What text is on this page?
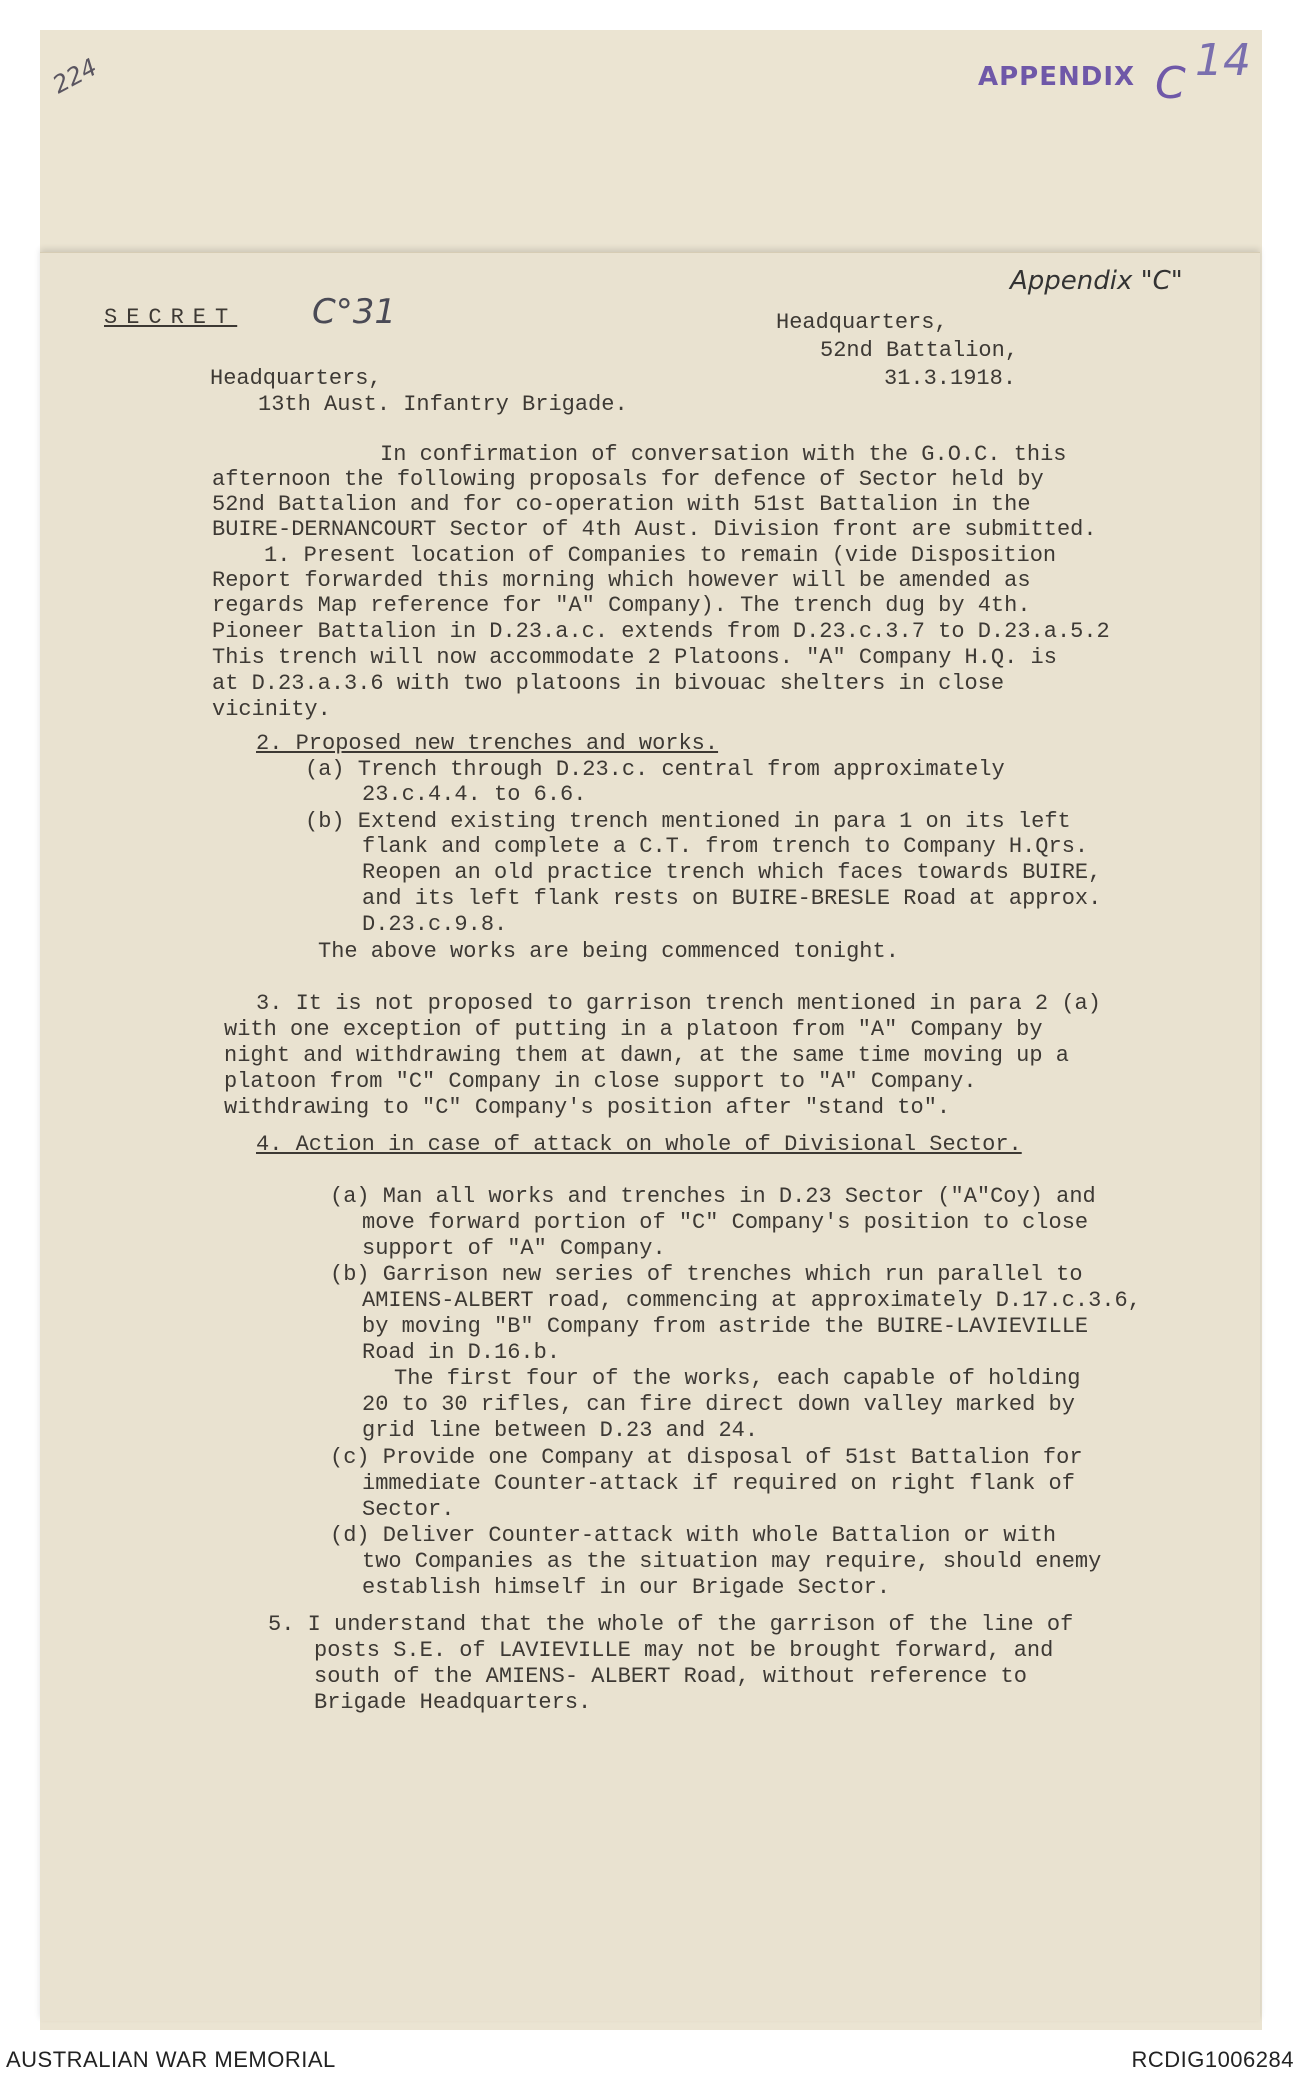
224	APPENDIX C 14
Appendix "C"
SECRET C°31	Headquarters,
52nd Battalion,
31.3.1918.
Headquarters,
13th Aust. Infantry Brigade.
In confirmation of conversation with the G.O.C. this
afternoon the following proposals for defence of Sector held by
52nd Battalion and for co-operation with 51st Battalion in the
BUIRE-DERNANCOURT Sector of 4th Aust. Division front are submitted.
1. Present location of Companies to remain (vide Disposition
Report forwarded this morning which however will be amended as
regards Map reference for "A" Company). The trench dug by 4th.
Pioneer Battalion in D.23.a.c. extends from D.23.c.3.7 to D.23.a.5.2
This trench will now accommodate 2 Platoons. "A" Company H.Q. is
at D.23.a.3.6 with two platoons in bivouac shelters in close
vicinity.
2. Proposed new trenches and works.
(a) Trench through D.23.c. central from approximately
23.c.4.4. to 6.6.
(b) Extend existing trench mentioned in para 1 on its left
flank and complete a C.T. from trench to Company H.Qrs.
Reopen an old practice trench which faces towards BUIRE,
and its left flank rests on BUIRE-BRESLE Road at approx.
D.23.c.9.8.
The above works are being commenced tonight.
3. It is not proposed to garrison trench mentioned in para 2 (a)
with one exception of putting in a platoon from "A" Company by
night and withdrawing them at dawn, at the same time moving up a
platoon from "C" Company in close support to "A" Company.
withdrawing to "C" Company's position after "stand to".
4. Action in case of attack on whole of Divisional Sector.
(a) Man all works and trenches in D.23 Sector ("A"Coy) and
move forward portion of "C" Company's position to close
support of "A" Company.
(b) Garrison new series of trenches which run parallel to
AMIENS-ALBERT road, commencing at approximately D.17.c.3.6,
by moving "B" Company from astride the BUIRE-LAVIEVILLE
Road in D.16.b.
The first four of the works, each capable of holding
20 to 30 rifles, can fire direct down valley marked by
grid line between D.23 and 24.
(c) Provide one Company at disposal of 51st Battalion for
immediate Counter-attack if required on right flank of
Sector.
(d) Deliver Counter-attack with whole Battalion or with
two Companies as the situation may require, should enemy
establish himself in our Brigade Sector.
5. I understand that the whole of the garrison of the line of
posts S.E. of LAVIEVILLE may not be brought forward, and
south of the AMIENS- ALBERT Road, without reference to
Brigade Headquarters.
AUSTRALIAN WAR MEMORIAL	RCDIG1006284
